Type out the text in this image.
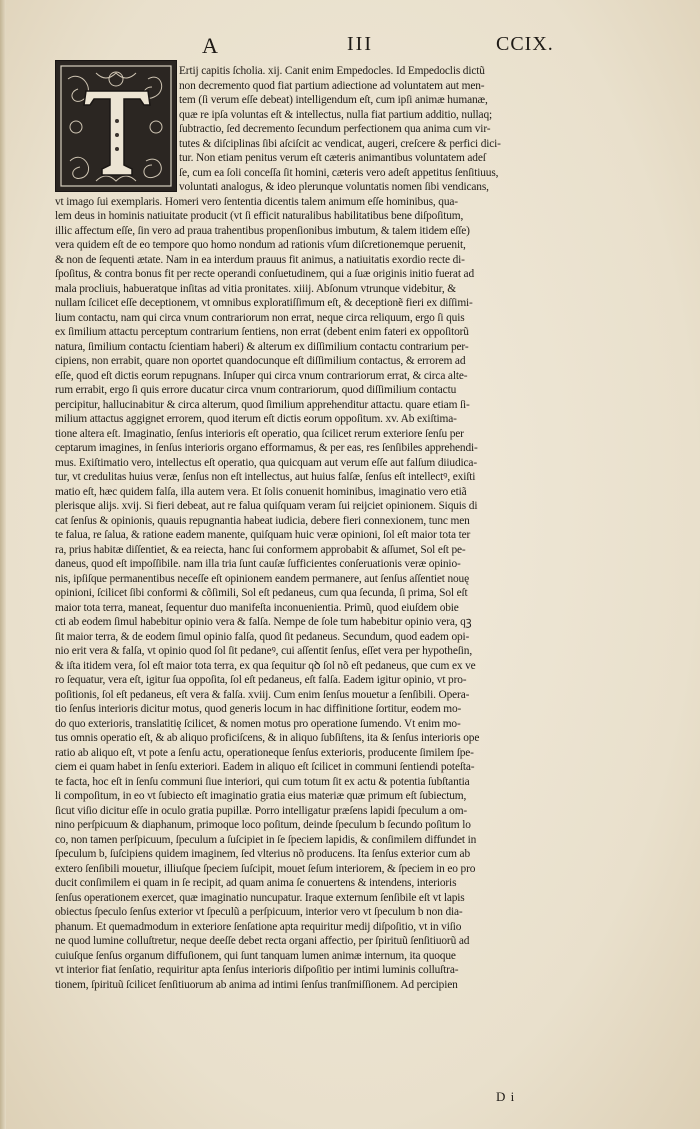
A	III	CCIX.
Ertij capitis ſcholia. xij. Canit enim Empedocles. Id Empedoclis dictũ
non decremento quod fiat partium adiectione ad voluntatem aut men-
tem (ſi verum eſſe debeat) intelligendum eſt, cum ipſi animæ humanæ,
quæ re ipſa voluntas eſt & intellectus, nulla fiat partium additio, nullaq;
ſubtractio, ſed decremento ſecundum perfectionem qua anima cum vir-
tutes & diſciplinas ſibi aſciſcit ac vendicat, augeri, creſcere & perfici dici-
tur. Non etiam penitus verum eſt cæteris animantibus voluntatem adeſ
ſe, cum ea ſoli conceſſa ſit homini, cæteris vero adeſt appetitus ſenſitiuus,
voluntati analogus, & ideo plerunque voluntatis nomen ſibi vendicans,
vt imago ſui exemplaris. Homeri vero ſententia dicentis talem animum eſſe hominibus, qua-
lem deus in hominis natiuitate producit (vt ſi efficit naturalibus habilitatibus bene diſpoſitum,
illic affectum eſſe, ſin vero ad praua trahentibus propenſionibus imbutum, & talem itidem eſſe)
vera quidem eſt de eo tempore quo homo nondum ad rationis vſum diſcretionemque peruenit,
& non de ſequenti ætate. Nam in ea interdum prauus fit animus, a natiuitatis exordio recte di-
ſpoſitus, & contra bonus fit per recte operandi conſuetudinem, qui a ſuæ originis initio fuerat ad
mala procliuis, habueratque inſitas ad vitia pronitates. xiiij. Abſonum vtrunque videbitur, &
nullam ſcilicet eſſe deceptionem, vt omnibus exploratiſſimum eſt, & deceptionẽ fieri ex diſſimi-
lium contactu, nam qui circa vnum contrariorum non errat, neque circa reliquum, ergo ſi quis
ex ſimilium attactu perceptum contrarium ſentiens, non errat (debent enim fateri ex oppoſitorũ
natura, ſimilium contactu ſcientiam haberi) & alterum ex diſſimilium contactu contrarium per-
cipiens, non errabit, quare non oportet quandocunque eſt diſſimilium contactus, & errorem ad
eſſe, quod eſt dictis eorum repugnans. Inſuper qui circa vnum contrariorum errat, & circa alte-
rum errabit, ergo ſi quis errore ducatur circa vnum contrariorum, quod diſſimilium contactu
percipitur, hallucinabitur & circa alterum, quod ſimilium apprehenditur attactu. quare etiam ſi-
milium attactus aggignet errorem, quod iterum eſt dictis eorum oppoſitum. xv. Ab exiſtima-
tione altera eſt. Imaginatio, ſenſus interioris eſt operatio, qua ſcilicet rerum exteriore ſenſu per
ceptarum imagines, in ſenſus interioris organo efformamus, & per eas, res ſenſibiles apprehendi-
mus. Exiſtimatio vero, intellectus eſt operatio, qua quicquam aut verum eſſe aut falſum diiudica-
tur, vt credulitas huius veræ, ſenſus non eſt intellectus, aut huius falſæ, ſenſus eſt intellectꝰ, exiſti
matio eſt, hæc quidem falſa, illa autem vera. Et ſolis conuenit hominibus, imaginatio vero etiã
plerisque alijs. xvij. Si fieri debeat, aut re falua quiſquam veram ſui reijciet opinionem. Siquis di
cat ſenſus & opinionis, quauis repugnantia habeat iudicia, debere fieri connexionem, tunc men
te falua, re ſalua, & ratione eadem manente, quiſquam huic veræ opinioni, ſol eſt maior tota ter
ra, prius habitæ diſſentiet, & ea reiecta, hanc ſui conformem approbabit & aſſumet, Sol eſt pe-
daneus, quod eſt impoſſibile. nam illa tria ſunt cauſæ ſufficientes conſeruationis veræ opinio-
nis, ipſiſque permanentibus neceſſe eſt opinionem eandem permanere, aut ſenſus aſſentiet nouę
opinioni, ſcilicet ſibi conformi & cõſimili, Sol eſt pedaneus, cum qua ſecunda, ſi prima, Sol eſt
maior tota terra, maneat, ſequentur duo manifeſta inconuenientia. Primũ, quod eiuſdem obie
cti ab eodem ſimul habebitur opinio vera & falſa. Nempe de ſole tum habebitur opinio vera, qꝫ
ſit maior terra, & de eodem ſimul opinio falſa, quod ſit pedaneus. Secundum, quod eadem opi-
nio erit vera & falſa, vt opinio quod ſol ſit pedaneꝰ, cui aſſentit ſenſus, eſſet vera per hypotheſin,
& iſta itidem vera, ſol eſt maior tota terra, ex qua ſequitur qꝺ ſol nõ eſt pedaneus, que cum ex ve
ro ſequatur, vera eſt, igitur ſua oppoſita, ſol eſt pedaneus, eſt falſa. Eadem igitur opinio, vt pro-
poſitionis, ſol eſt pedaneus, eſt vera & falſa. xviij. Cum enim ſenſus mouetur a ſenſibili. Opera-
tio ſenſus interioris dicitur motus, quod generis locum in hac diffinitione ſortitur, eodem mo-
do quo exterioris, translatitię ſcilicet, & nomen motus pro operatione ſumendo. Vt enim mo-
tus omnis operatio eſt, & ab aliquo proficiſcens, & in aliquo ſubſiſtens, ita & ſenſus interioris ope
ratio ab aliquo eſt, vt pote a ſenſu actu, operationeque ſenſus exterioris, producente ſimilem ſpe-
ciem ei quam habet in ſenſu exteriori. Eadem in aliquo eſt ſcilicet in communi ſentiendi poteſta-
te facta, hoc eſt in ſenſu communi ſiue interiori, qui cum totum ſit ex actu & potentia ſubſtantia
li compoſitum, in eo vt ſubiecto eſt imaginatio gratia eius materiæ quæ primum eſt ſubiectum,
ſicut viſio dicitur eſſe in oculo gratia pupillæ. Porro intelligatur præſens lapidi ſpeculum a om-
nino perſpicuum & diaphanum, primoque loco poſitum, deinde ſpeculum b ſecundo poſitum lo
co, non tamen perſpicuum, ſpeculum a ſuſcipiet in ſe ſpeciem lapidis, & conſimilem diffundet in
ſpeculum b, ſuſcipiens quidem imaginem, ſed vlterius nõ producens. Ita ſenſus exterior cum ab
extero ſenſibili mouetur, illiuſque ſpeciem ſuſcipit, mouet ſeſum interiorem, & ſpeciem in eo pro
ducit conſimilem ei quam in ſe recipit, ad quam anima ſe conuertens & intendens, interioris
ſenſus operationem exercet, quæ imaginatio nuncupatur. Iraque externum ſenſibile eſt vt lapis
obiectus ſpeculo ſenſus exterior vt ſpeculũ a perſpicuum, interior vero vt ſpeculum b non dia-
phanum. Et quemadmodum in exteriore ſenſatione apta requiritur medij diſpoſitio, vt in viſio
ne quod lumine colluſtretur, neque deeſſe debet recta organi affectio, per ſpirituũ ſenſitiuorũ ad
cuiuſque ſenſus organum diffuſionem, qui ſunt tanquam lumen animæ internum, ita quoque
vt interior fiat ſenſatio, requiritur apta ſenſus interioris diſpoſitio per intimi luminis colluſtra-
tionem, ſpirituũ ſcilicet ſenſitiuorum ab anima ad intimi ſenſus tranſmiſſionem. Ad percipien
D i
